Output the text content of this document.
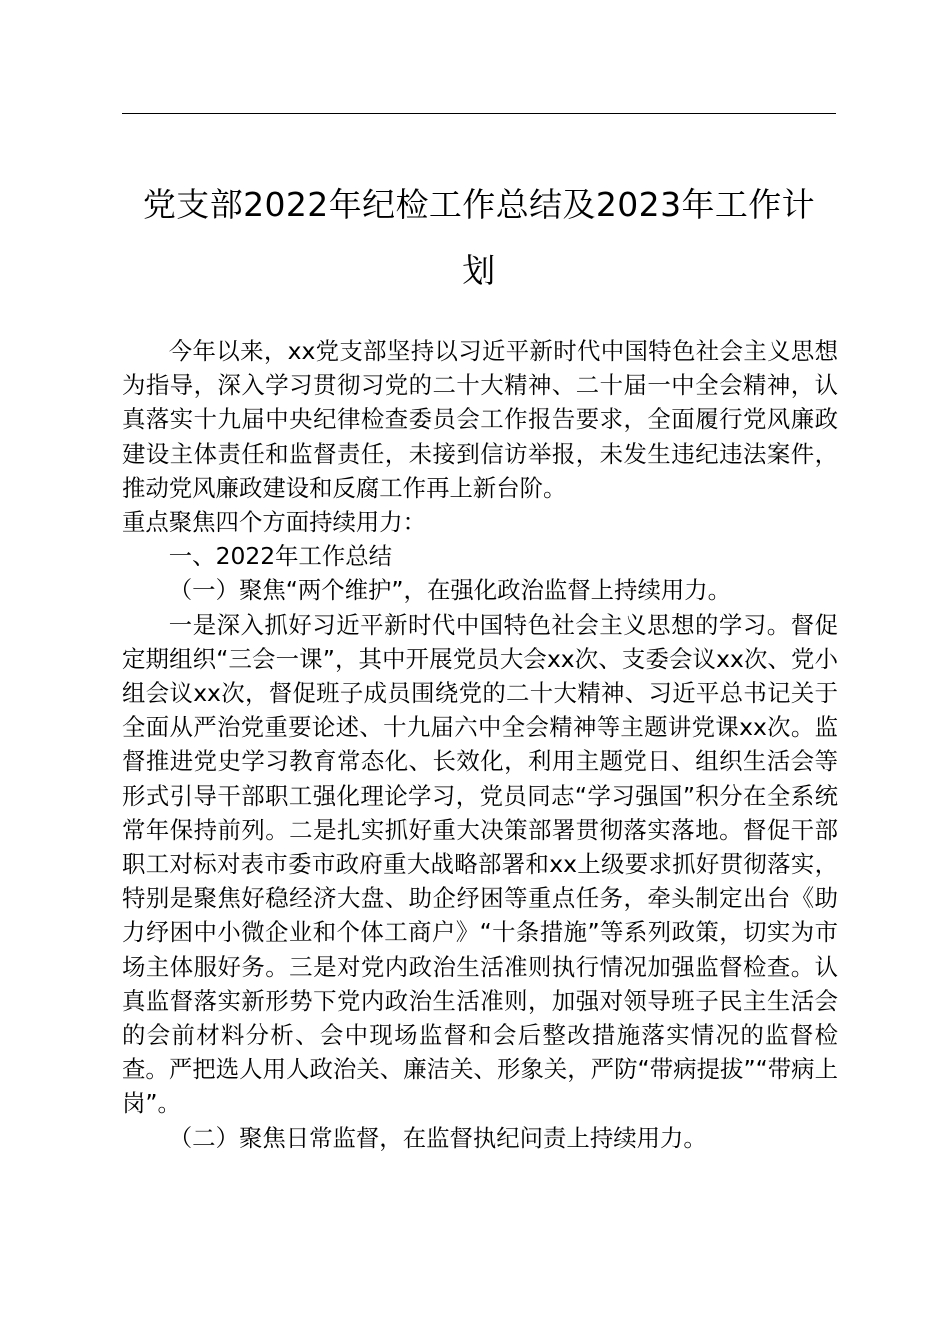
党支部2022年纪检工作总结及2023年工作计
划

今年以来，xx党支部坚持以习近平新时代中国特色社会主义思想为指导，深入学习贯彻习党的二十大精神、二十届一中全会精神，认真落实十九届中央纪律检查委员会工作报告要求，全面履行党风廉政建设主体责任和监督责任，未接到信访举报，未发生违纪违法案件，推动党风廉政建设和反腐工作再上新台阶。

重点聚焦四个方面持续用力：

一、2022年工作总结

（一）聚焦“两个维护”，在强化政治监督上持续用力。

一是深入抓好习近平新时代中国特色社会主义思想的学习。督促定期组织“三会一课”，其中开展党员大会xx次、支委会议xx次、党小组会议xx次，督促班子成员围绕党的二十大精神、习近平总书记关于全面从严治党重要论述、十九届六中全会精神等主题讲党课xx次。监督推进党史学习教育常态化、长效化，利用主题党日、组织生活会等形式引导干部职工强化理论学习，党员同志“学习强国”积分在全系统常年保持前列。二是扎实抓好重大决策部署贯彻落实落地。督促干部职工对标对表市委市政府重大战略部署和xx上级要求抓好贯彻落实，特别是聚焦好稳经济大盘、助企纾困等重点任务，牵头制定出台《助力纾困中小微企业和个体工商户》“十条措施”等系列政策，切实为市场主体服好务。三是对党内政治生活准则执行情况加强监督检查。认真监督落实新形势下党内政治生活准则，加强对领导班子民主生活会的会前材料分析、会中现场监督和会后整改措施落实情况的监督检查。严把选人用人政治关、廉洁关、形象关，严防“带病提拔”“带病上岗”。

（二）聚焦日常监督，在监督执纪问责上持续用力。
